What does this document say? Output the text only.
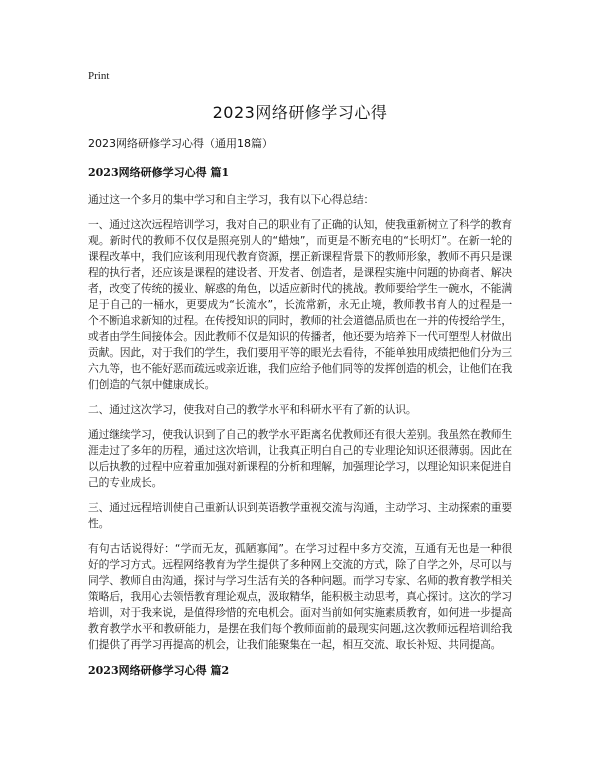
Print
2023网络研修学习心得

2023网络研修学习心得（通用18篇）

2023网络研修学习心得 篇1

通过这一个多月的集中学习和自主学习，我有以下心得总结：

一、通过这次远程培训学习，我对自己的职业有了正确的认知，使我重新树立了科学的教育观。新时代的教师不仅仅是照亮别人的“蜡烛”，而更是不断充电的“长明灯”。在新一轮的课程改革中，我们应该利用现代教育资源，摆正新课程背景下的教师形象，教师不再只是课程的执行者，还应该是课程的建设者、开发者、创造者，是课程实施中问题的协商者、解决者，改变了传统的援业、解惑的角色，以适应新时代的挑战。教师要给学生一碗水，不能满足于自己的一桶水，更要成为“长流水”，长流常新，永无止境，教师教书育人的过程是一个不断追求新知的过程。在传授知识的同时，教师的社会道德品质也在一并的传授给学生，或者由学生间接体会。因此教师不仅是知识的传播者，他还要为培养下一代可塑型人材做出贡献。因此，对于我们的学生，我们要用平等的眼光去看待，不能单独用成绩把他们分为三六九等，也不能好恶而疏远或亲近谁，我们应给予他们同等的发挥创造的机会，让他们在我们创造的气氛中健康成长。

二、通过这次学习，使我对自己的教学水平和科研水平有了新的认识。

通过继续学习，使我认识到了自己的教学水平距离名优教师还有很大差别。我虽然在教师生涯走过了多年的历程，通过这次培训，让我真正明白自己的专业理论知识还很薄弱。因此在以后执教的过程中应着重加强对新课程的分析和理解，加强理论学习，以理论知识来促进自己的专业成长。

三、通过远程培训使自己重新认识到英语教学重视交流与沟通，主动学习、主动探索的重要性。

有句古话说得好：“学而无友，孤陋寡闻”。在学习过程中多方交流，互通有无也是一种很好的学习方式。远程网络教育为学生提供了多种网上交流的方式，除了自学之外，尽可以与同学、教师自由沟通，探讨与学习生活有关的各种问题。而学习专家、名师的教育教学相关策略后，我用心去领悟教育理论观点，汲取精华，能积极主动思考，真心探讨。这次的学习培训，对于我来说，是值得珍惜的充电机会。面对当前如何实施素质教育，如何进一步提高教育教学水平和教研能力，是摆在我们每个教师面前的最现实问题,这次教师远程培训给我们提供了再学习再提高的机会，让我们能聚集在一起，相互交流、取长补短、共同提高。

2023网络研修学习心得 篇2
